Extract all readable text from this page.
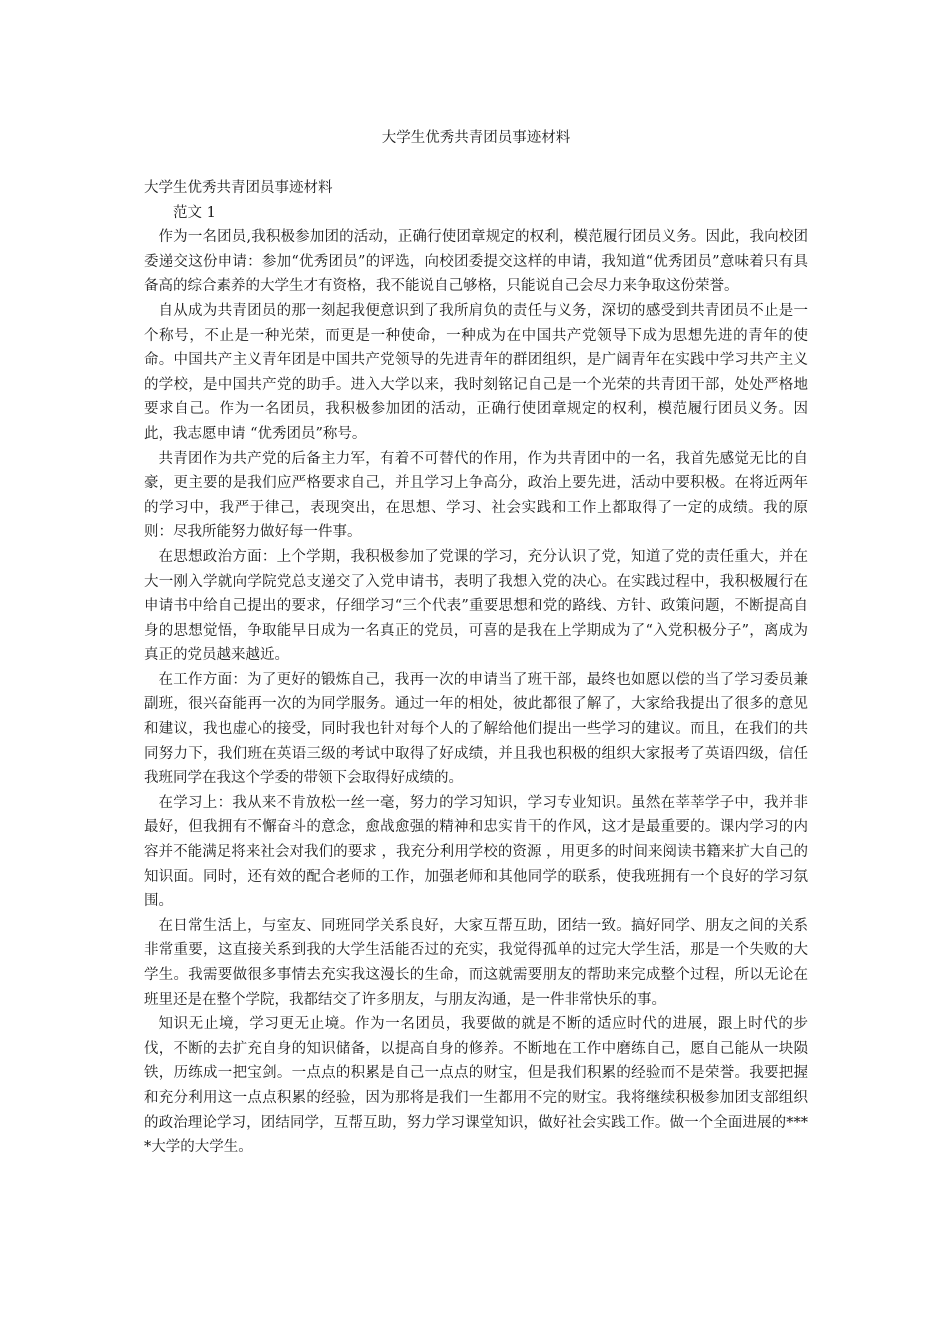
大学生优秀共青团员事迹材料

大学生优秀共青团员事迹材料

范文 1

作为一名团员,我积极参加团的活动，正确行使团章规定的权利，模范履行团员义务。因此，我向校团委递交这份申请：参加“优秀团员”的评选，向校团委提交这样的申请，我知道“优秀团员”意味着只有具备高的综合素养的大学生才有资格，我不能说自己够格，只能说自己会尽力来争取这份荣誉。

自从成为共青团员的那一刻起我便意识到了我所肩负的责任与义务，深切的感受到共青团员不止是一个称号，不止是一种光荣，而更是一种使命，一种成为在中国共产党领导下成为思想先进的青年的使命。中国共产主义青年团是中国共产党领导的先进青年的群团组织，是广阔青年在实践中学习共产主义的学校，是中国共产党的助手。进入大学以来，我时刻铭记自己是一个光荣的共青团干部，处处严格地要求自己。作为一名团员，我积极参加团的活动，正确行使团章规定的权利，模范履行团员义务。因此，我志愿申请 “优秀团员”称号。

共青团作为共产党的后备主力军，有着不可替代的作用，作为共青团中的一名，我首先感觉无比的自豪，更主要的是我们应严格要求自己，并且学习上争高分，政治上要先进，活动中要积极。在将近两年的学习中，我严于律己，表现突出，在思想、学习、社会实践和工作上都取得了一定的成绩。我的原则：尽我所能努力做好每一件事。

在思想政治方面：上个学期，我积极参加了党课的学习，充分认识了党，知道了党的责任重大，并在大一刚入学就向学院党总支递交了入党申请书，表明了我想入党的决心。在实践过程中，我积极履行在申请书中给自己提出的要求，仔细学习“三个代表”重要思想和党的路线、方针、政策问题，不断提高自身的思想觉悟，争取能早日成为一名真正的党员，可喜的是我在上学期成为了“入党积极分子”，离成为真正的党员越来越近。

在工作方面：为了更好的锻炼自己，我再一次的申请当了班干部，最终也如愿以偿的当了学习委员兼副班，很兴奋能再一次的为同学服务。通过一年的相处，彼此都很了解了，大家给我提出了很多的意见和建议，我也虚心的接受，同时我也针对每个人的了解给他们提出一些学习的建议。而且，在我们的共同努力下，我们班在英语三级的考试中取得了好成绩，并且我也积极的组织大家报考了英语四级，信任我班同学在我这个学委的带领下会取得好成绩的。

在学习上：我从来不肯放松一丝一毫，努力的学习知识，学习专业知识。虽然在莘莘学子中，我并非最好，但我拥有不懈奋斗的意念，愈战愈强的精神和忠实肯干的作风，这才是最重要的。课内学习的内容并不能满足将来社会对我们的要求 ，我充分利用学校的资源 ，用更多的时间来阅读书籍来扩大自己的知识面。同时，还有效的配合老师的工作，加强老师和其他同学的联系，使我班拥有一个良好的学习氛围。

在日常生活上，与室友、同班同学关系良好，大家互帮互助，团结一致。搞好同学、朋友之间的关系非常重要，这直接关系到我的大学生活能否过的充实，我觉得孤单的过完大学生活，那是一个失败的大学生。我需要做很多事情去充实我这漫长的生命，而这就需要朋友的帮助来完成整个过程，所以无论在班里还是在整个学院，我都结交了许多朋友，与朋友沟通，是一件非常快乐的事。

知识无止境，学习更无止境。作为一名团员，我要做的就是不断的适应时代的进展，跟上时代的步伐，不断的去扩充自身的知识储备，以提高自身的修养。不断地在工作中磨练自己，愿自己能从一块陨铁，历练成一把宝剑。一点点的积累是自己一点点的财宝，但是我们积累的经验而不是荣誉。我要把握和充分利用这一点点积累的经验，因为那将是我们一生都用不完的财宝。我将继续积极参加团支部组织的政治理论学习，团结同学，互帮互助，努力学习课堂知识，做好社会实践工作。做一个全面进展的****大学的大学生。
